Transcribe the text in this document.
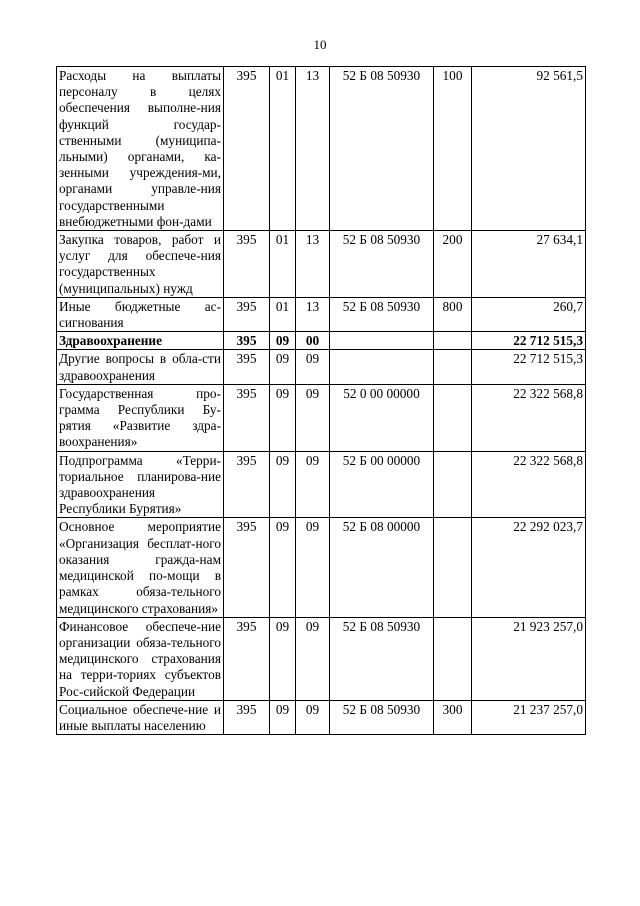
10
Расходы на выплаты персоналу в целях обеспечения выполне-ния функций государ-ственными (муниципа-льными) органами, ка-зенными учреждения-ми, органами управле-ния государственными внебюджетными фон-дами	395	01	13	52 Б 08 50930	100	92 561,5
Закупка товаров, работ и услуг для обеспече-ния государственных (муниципальных) нужд	395	01	13	52 Б 08 50930	200	27 634,1
Иные бюджетные ас-сигнования	395	01	13	52 Б 08 50930	800	260,7
Здравоохранение	395	09	00			22 712 515,3
Другие вопросы в обла-сти здравоохранения	395	09	09			22 712 515,3
Государственная про-грамма Республики Бу-рятия «Развитие здра-воохранения»	395	09	09	52 0 00 00000		22 322 568,8
Подпрограмма «Терри-ториальное планирова-ние здравоохранения Республики Бурятия»	395	09	09	52 Б 00 00000		22 322 568,8
Основное мероприятие «Организация бесплат-ного оказания гражда-нам медицинской по-мощи в рамках обяза-тельного медицинского страхования»	395	09	09	52 Б 08 00000		22 292 023,7
Финансовое обеспече-ние организации обяза-тельного медицинского страхования на терри-ториях субъектов Рос-сийской Федерации	395	09	09	52 Б 08 50930		21 923 257,0
Социальное обеспече-ние и иные выплаты населению	395	09	09	52 Б 08 50930	300	21 237 257,0
